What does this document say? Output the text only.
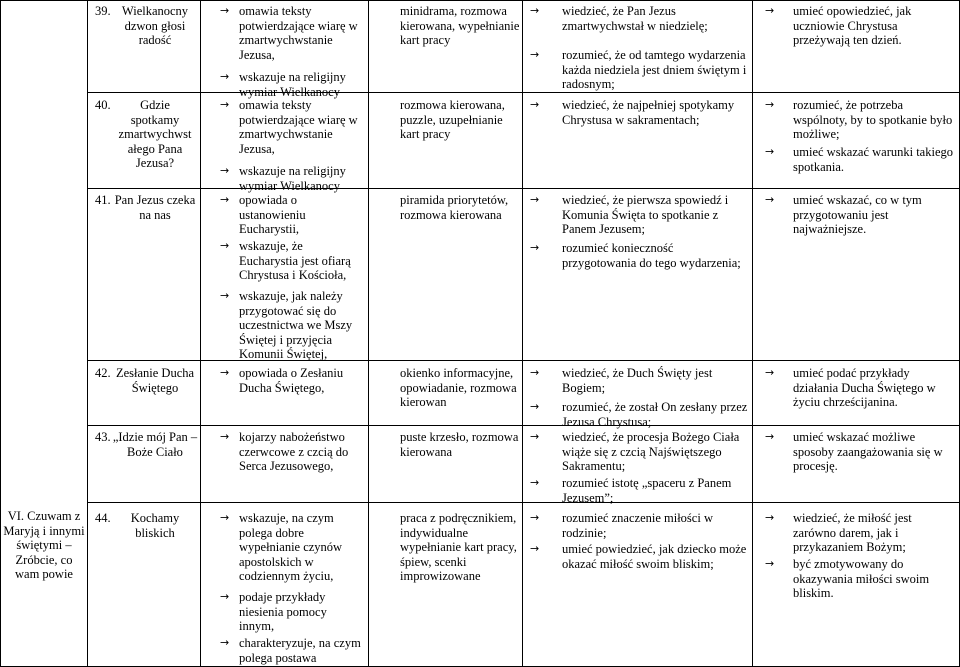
VI. Czuwam z Maryją i innymi świętymi – Zróbcie, co wam powie
39. Wielkanocny dzwon głosi radość
→ omawia teksty potwierdzające wiarę w zmartwychwstanie Jezusa,
→ wskazuje na religijny wymiar Wielkanocy
minidrama, rozmowa kierowana, wypełnianie kart pracy
→ wiedzieć, że Pan Jezus zmartwychwstał w niedzielę;
→ rozumieć, że od tamtego wydarzenia każda niedziela jest dniem świętym i radosnym;
→ umieć opowiedzieć, jak uczniowie Chrystusa przeżywają ten dzień.
40.	Gdzie
spotkamy
zmartwychwst
ałego Pana
Jezusa?
→ omawia teksty potwierdzające wiarę w zmartwychwstanie Jezusa,
→ wskazuje na religijny wymiar Wielkanocy
rozmowa kierowana, puzzle, uzupełnianie kart pracy
→ wiedzieć, że najpełniej spotykamy Chrystusa w sakramentach;
→ rozumieć, że potrzeba wspólnoty, by to spotkanie było możliwe;
→ umieć wskazać warunki takiego spotkania.
41. Pan Jezus czeka na nas
→ opowiada o ustanowieniu Eucharystii,
→ wskazuje, że Eucharystia jest ofiarą Chrystusa i Kościoła,
→ wskazuje, jak należy przygotować się do uczestnictwa we Mszy Świętej i przyjęcia Komunii Świętej,
piramida priorytetów, rozmowa kierowana
→ wiedzieć, że pierwsza spowiedź i Komunia Święta to spotkanie z Panem Jezusem;
→ rozumieć konieczność przygotowania do tego wydarzenia;
→ umieć wskazać, co w tym przygotowaniu jest najważniejsze.
42. Zesłanie Ducha Świętego
→ opowiada o Zesłaniu Ducha Świętego,
okienko informacyjne, opowiadanie, rozmowa kierowan
→ wiedzieć, że Duch Święty jest Bogiem;
→ rozumieć, że został On zesłany przez Jezusa Chrystusa;
→ umieć podać przykłady działania Ducha Świętego w życiu chrześcijanina.
43. „Idzie mój Pan – Boże Ciało
→ kojarzy nabożeństwo czerwcowe z czcią do Serca Jezusowego,
puste krzesło, rozmowa kierowana
→ wiedzieć, że procesja Bożego Ciała wiąże się z czcią Najświętszego Sakramentu;
→ rozumieć istotę „spaceru z Panem Jezusem”;
→ umieć wskazać możliwe sposoby zaangażowania się w procesję.
44.	Kochamy bliskich
→ wskazuje, na czym polega dobre wypełnianie czynów apostolskich w codziennym życiu,
→ podaje przykłady niesienia pomocy innym,
→ charakteryzuje, na czym polega postawa
praca z podręcznikiem, indywidualne wypełnianie kart pracy, śpiew, scenki improwizowane
→ rozumieć znaczenie miłości w rodzinie;
→ umieć powiedzieć, jak dziecko może okazać miłość swoim bliskim;
→ wiedzieć, że miłość jest zarówno darem, jak i przykazaniem Bożym;
→ być zmotywowany do okazywania miłości swoim bliskim.
